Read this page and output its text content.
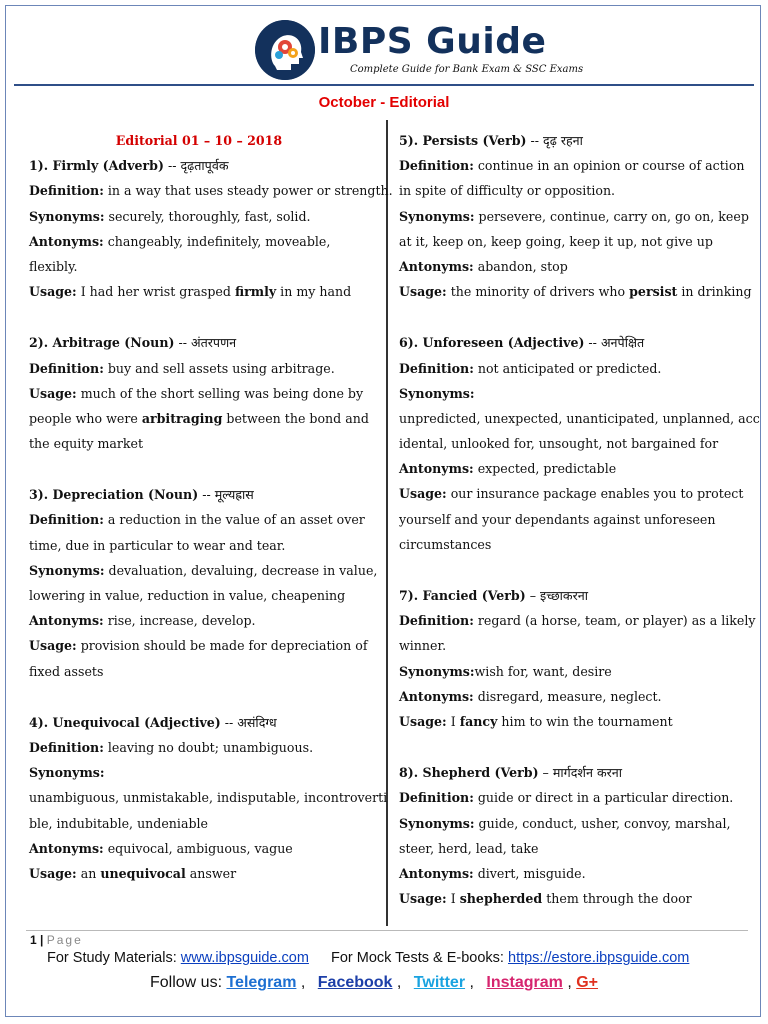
IBPS Guide
Complete Guide for Bank Exam & SSC Exams
October - Editorial
Editorial 01 – 10 – 2018
1). Firmly (Adverb) -- दृढ़तापूर्वक
Definition: in a way that uses steady power or strength.
Synonyms: securely, thoroughly, fast, solid.
Antonyms: changeably, indefinitely, moveable,
flexibly.
Usage: I had her wrist grasped firmly in my hand
2). Arbitrage (Noun) -- अंतरपणन
Definition: buy and sell assets using arbitrage.
Usage: much of the short selling was being done by
people who were arbitraging between the bond and
the equity market
3). Depreciation (Noun) -- मूल्यह्रास
Definition: a reduction in the value of an asset over
time, due in particular to wear and tear.
Synonyms: devaluation, devaluing, decrease in value,
lowering in value, reduction in value, cheapening
Antonyms: rise, increase, develop.
Usage: provision should be made for depreciation of
fixed assets
4). Unequivocal (Adjective) -- असंदिग्ध
Definition: leaving no doubt; unambiguous.
Synonyms:
unambiguous, unmistakable, indisputable, incontroverti
ble, indubitable, undeniable
Antonyms: equivocal, ambiguous, vague
Usage: an unequivocal answer
5). Persists (Verb) -- दृढ़ रहना
Definition: continue in an opinion or course of action
in spite of difficulty or opposition.
Synonyms: persevere, continue, carry on, go on, keep
at it, keep on, keep going, keep it up, not give up
Antonyms: abandon, stop
Usage: the minority of drivers who persist in drinking
6). Unforeseen (Adjective) -- अनपेक्षित
Definition: not anticipated or predicted.
Synonyms:
unpredicted, unexpected, unanticipated, unplanned, acc
idental, unlooked for, unsought, not bargained for
Antonyms: expected, predictable
Usage: our insurance package enables you to protect
yourself and your dependants against unforeseen
circumstances
7). Fancied (Verb) – इच्छाकरना
Definition: regard (a horse, team, or player) as a likely
winner.
Synonyms:wish for, want, desire
Antonyms: disregard, measure, neglect.
Usage: I fancy him to win the tournament
8). Shepherd (Verb) – मार्गदर्शन करना
Definition: guide or direct in a particular direction.
Synonyms: guide, conduct, usher, convoy, marshal,
steer, herd, lead, take
Antonyms: divert, misguide.
Usage: I shepherded them through the door
1 | Page
For Study Materials: www.ibpsguide.com For Mock Tests & E-books: https://estore.ibpsguide.com
Follow us: Telegram , Facebook , Twitter , Instagram , G+
